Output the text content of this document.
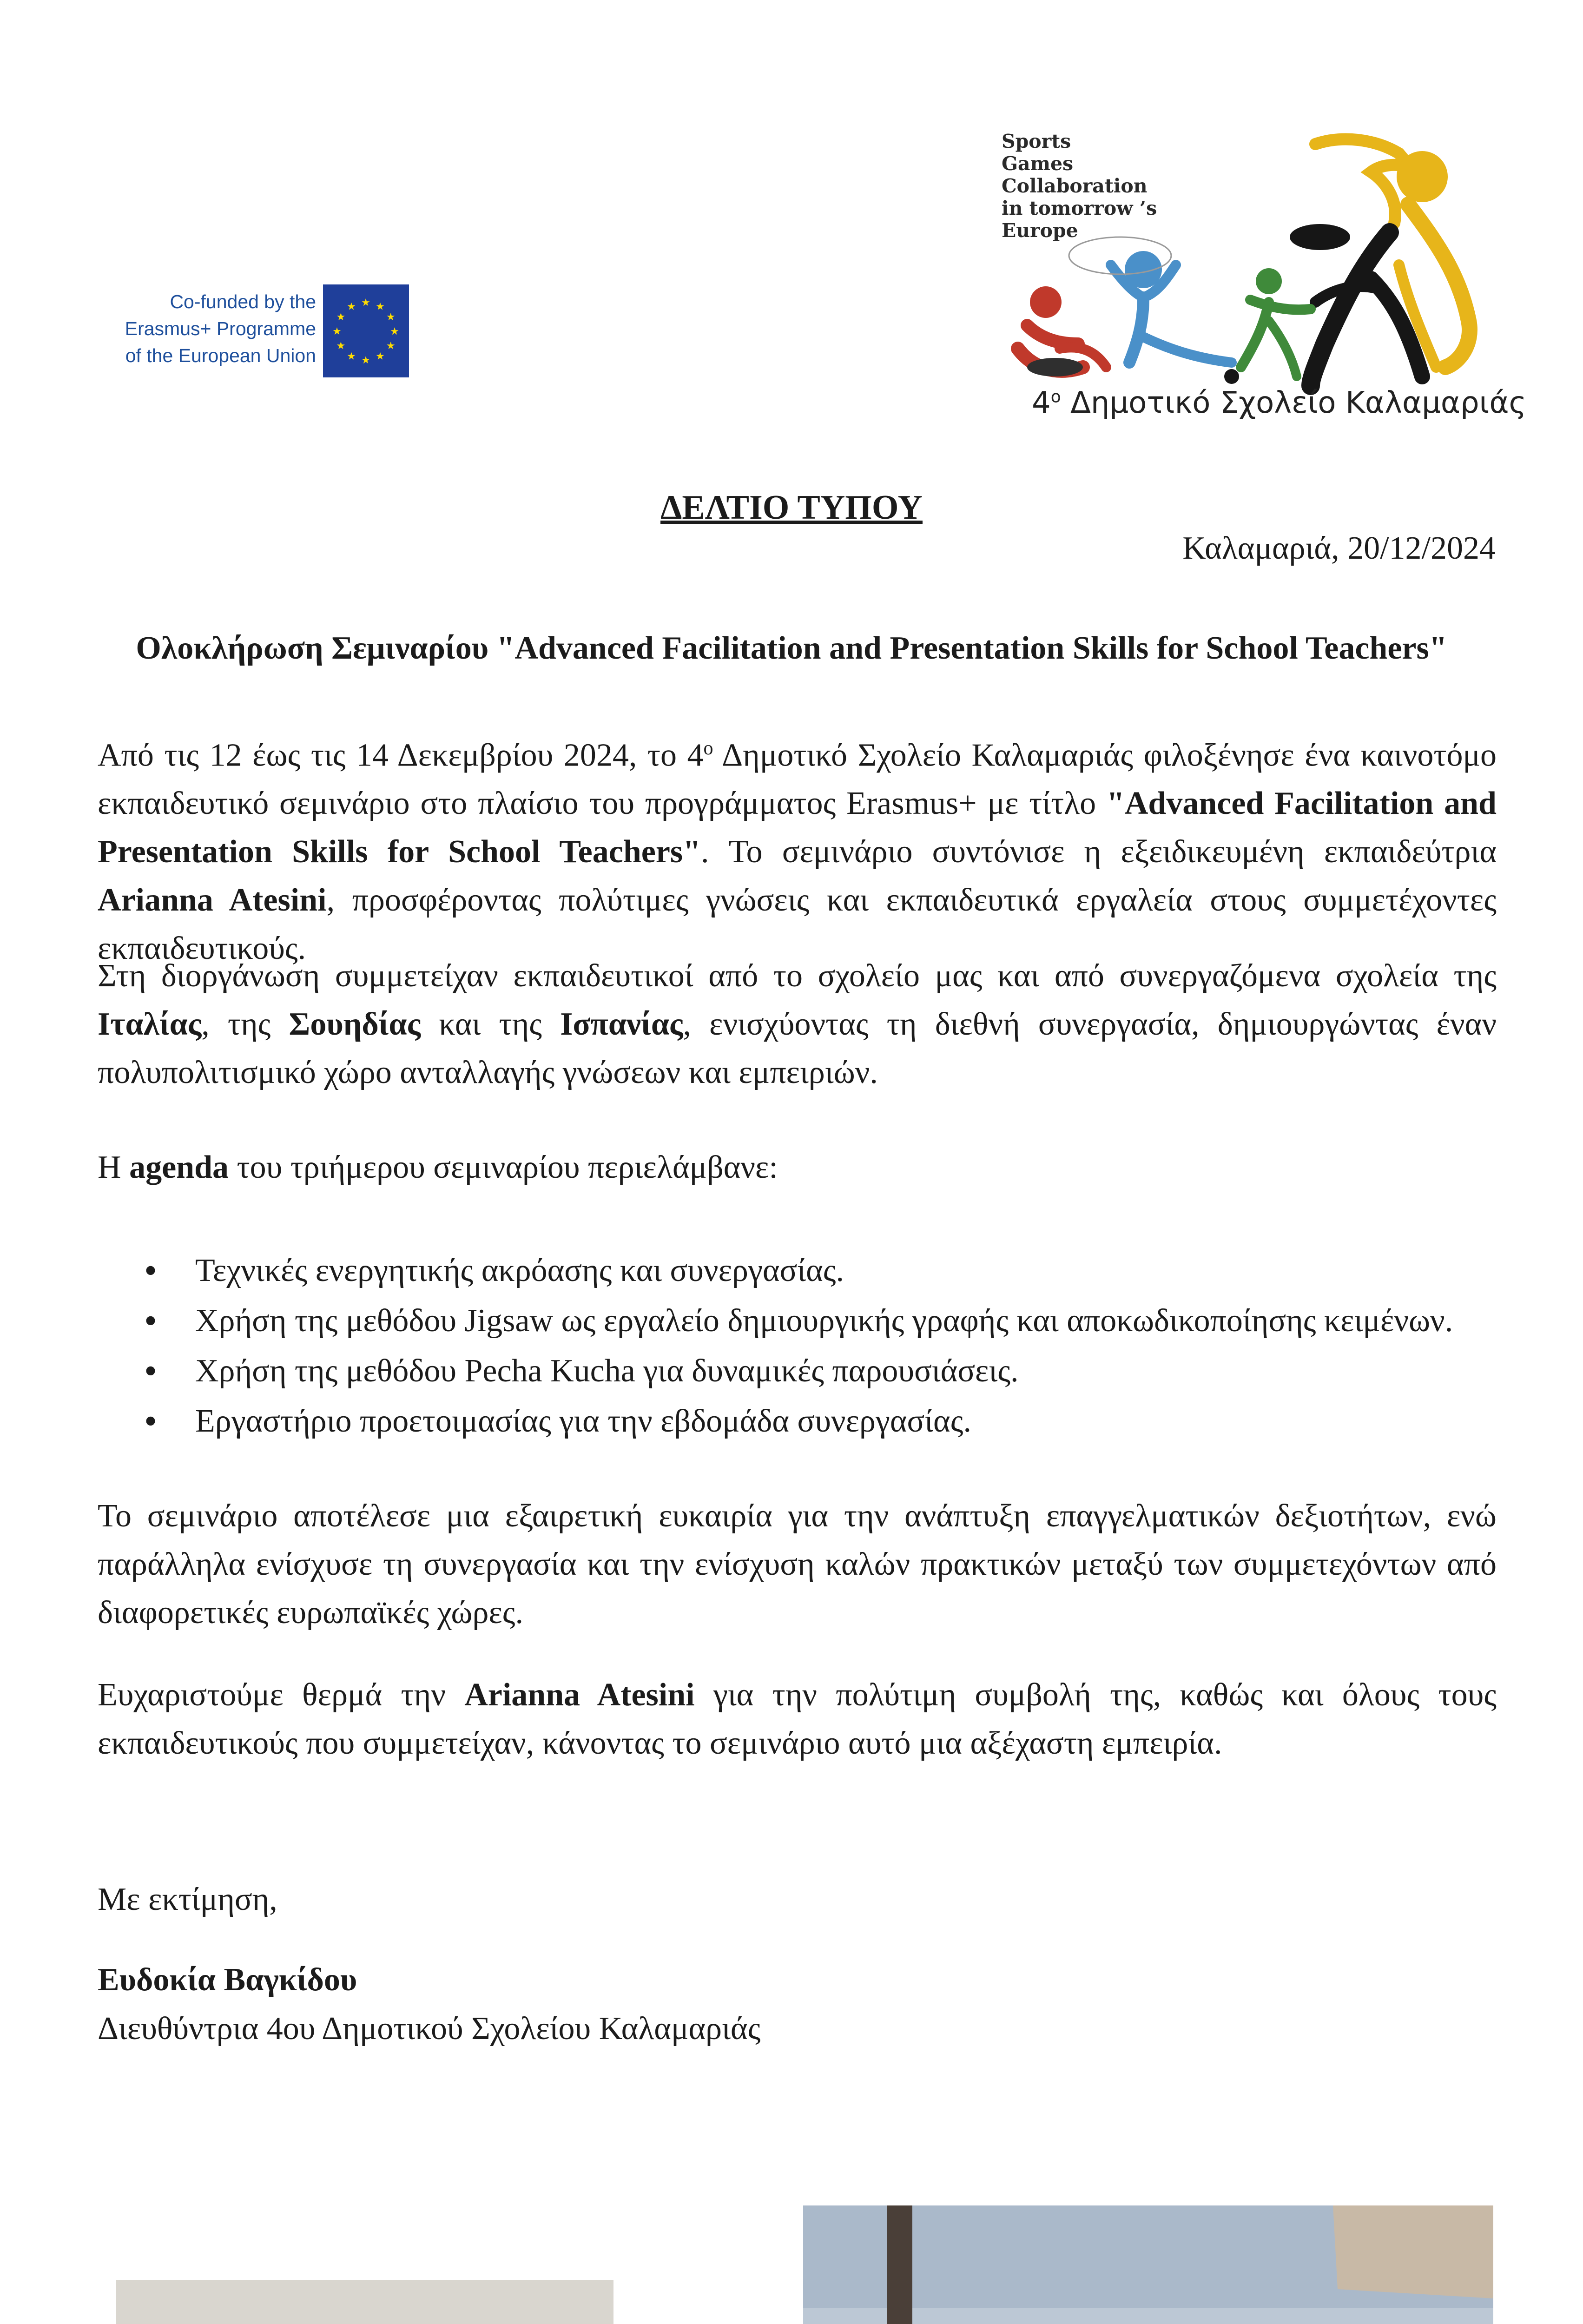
Co-funded by the
Erasmus+ Programme
of the European Union
★ ★
★
★
★
★
★
★
★
★
★
★
Sports
Games
Collaboration
in tomorrow ’s
Europe
$4^o$ Δημοτικό Σχολείο Καλαμαριάς
ΔΕΛΤΙΟ ΤΥΠΟΥ
Καλαμαριά, 20/12/2024
Ολοκλήρωση Σεμιναρίου "Advanced Facilitation and Presentation Skills for School Teachers"

Από τις 12 έως τις 14 Δεκεμβρίου 2024, το $4^o$ Δημοτικό Σχολείο Καλαμαριάς φιλοξένησε ένα καινοτόμο εκπαιδευτικό σεμινάριο στο πλαίσιο του προγράμματος Erasmus+ με τίτλο "Advanced Facilitation and Presentation Skills for School Teachers". Το σεμινάριο συντόνισε η εξειδικευμένη εκπαιδεύτρια Arianna Atesini, προσφέροντας πολύτιμες γνώσεις και εκπαιδευτικά εργαλεία στους συμμετέχοντες εκπαιδευτικούς.

Στη διοργάνωση συμμετείχαν εκπαιδευτικοί από το σχολείο μας και από συνεργαζόμενα σχολεία της Ιταλίας, της Σουηδίας και της Ισπανίας, ενισχύοντας τη διεθνή συνεργασία, δημιουργώντας έναν πολυπολιτισμικό χώρο ανταλλαγής γνώσεων και εμπειριών.

Η agenda του τριήμερου σεμιναρίου περιελάμβανε:

• Τεχνικές ενεργητικής ακρόασης και συνεργασίας.
• Χρήση της μεθόδου Jigsaw ως εργαλείο δημιουργικής γραφής και αποκωδικοποίησης κειμένων.
• Χρήση της μεθόδου Pecha Kucha για δυναμικές παρουσιάσεις.
• Εργαστήριο προετοιμασίας για την εβδομάδα συνεργασίας.

Το σεμινάριο αποτέλεσε μια εξαιρετική ευκαιρία για την ανάπτυξη επαγγελματικών δεξιοτήτων, ενώ παράλληλα ενίσχυσε τη συνεργασία και την ενίσχυση καλών πρακτικών μεταξύ των συμμετεχόντων από διαφορετικές ευρωπαϊκές χώρες.

Ευχαριστούμε θερμά την Arianna Atesini για την πολύτιμη συμβολή της, καθώς και όλους τους εκπαιδευτικούς που συμμετείχαν, κάνοντας το σεμινάριο αυτό μια αξέχαστη εμπειρία.

Με εκτίμηση,

Ευδοκία Βαγκίδου
Διευθύντρια 4ου Δημοτικού Σχολείου Καλαμαριάς
